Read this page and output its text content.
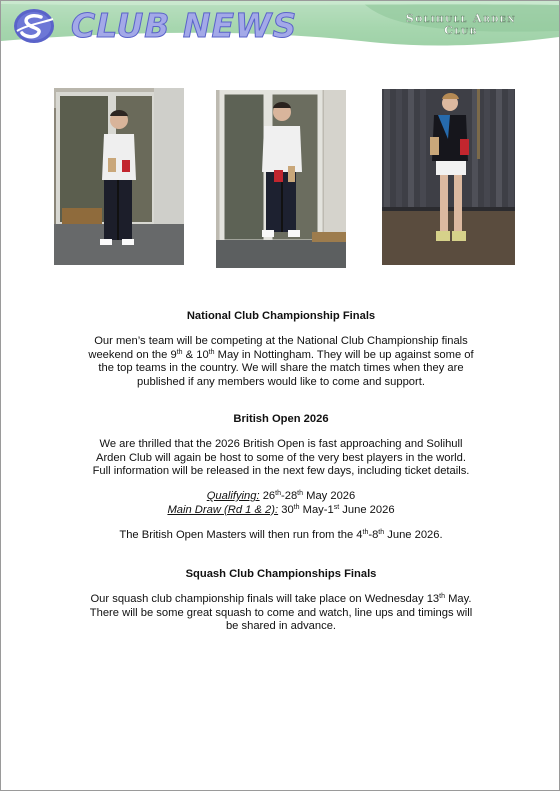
CLUB NEWS	Solihull Arden
Club
National Club Championship Finals
Our men’s team will be competing at the National Club Championship finals
weekend on the 9th & 10th May in Nottingham. They will be up against some of
the top teams in the country. We will share the match times when they are
published if any members would like to come and support.
British Open 2026
We are thrilled that the 2026 British Open is fast approaching and Solihull
Arden Club will again be host to some of the very best players in the world.
Full information will be released in the next few days, including ticket details.
Qualifying: 26th-28th May 2026
Main Draw (Rd 1 & 2): 30th May-1st June 2026
The British Open Masters will then run from the 4th-8th June 2026.
Squash Club Championships Finals
Our squash club championship finals will take place on Wednesday 13th May.
There will be some great squash to come and watch, line ups and timings will
be shared in advance.
